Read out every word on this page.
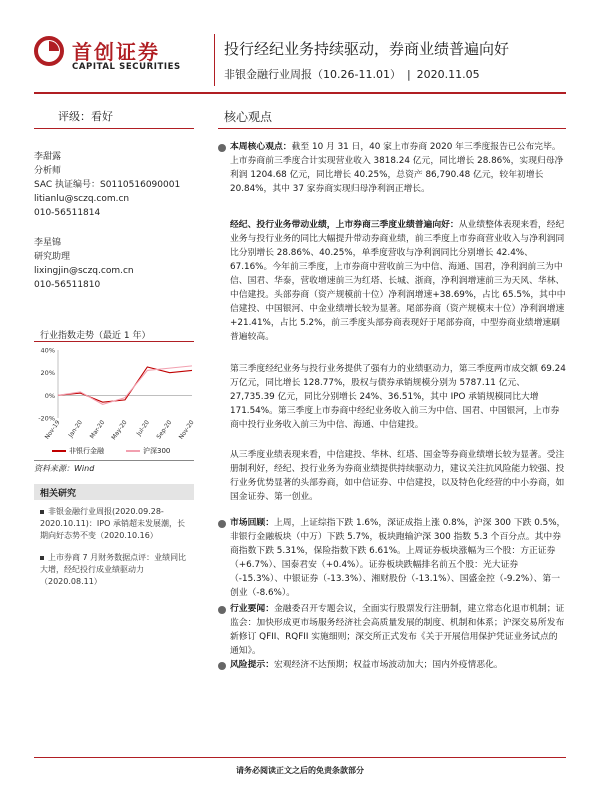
首创证券
CAPITAL SECURITIES
投行经纪业务持续驱动，券商业绩普遍向好
非银金融行业周报（10.26-11.01） | 2020.11.05
评级：看好
李甜露
分析师
SAC 执证编号：S0110516090001
litianlu@sczq.com.cn
010-56511814
李星锦
研究助理
lixingjin@sczq.com.cn
010-56511810
行业指数走势（最近 1 年）
40%
20%
0%
-20%
Nov-19 Jan-20 Mar-20 May-20 Jul-20 Sep-20 Nov-20
非银行金融	沪深300
资料来源：Wind
相关研究
非银金融行业周报(2020.09.28-2020.10.11)：IPO 承销超未发展潮，长期向好态势不变（2020.10.16）
上市券商 7 月财务数据点评：业绩同比大增，经纪投行成业绩驱动力（2020.08.11）
核心观点
本周核心观点：截至 10 月 31 日，40 家上市券商 2020 年三季度报告已公布完毕。上市券商前三季度合计实现营业收入 3818.24 亿元，同比增长 28.86%，实现归母净利润 1204.68 亿元，同比增长 40.25%，总资产 86,790.48 亿元，较年初增长 20.84%，其中 37 家券商实现归母净利润正增长。
经纪、投行业务带动业绩，上市券商三季度业绩普遍向好：从业绩整体表现来看，经纪业务与投行业务的同比大幅提升带动券商业绩，前三季度上市券商营业收入与净利润同比分别增长 28.86%、40.25%，单季度营收与净利润同比分别增长 42.4%、67.16%。今年前三季度，上市券商中营收前三为中信、海通、国君，净利润前三为中信、国君、华泰，营收增速前三为红塔、长城、浙商，净利润增速前三为天风、华林、中信建投。头部券商（资产规模前十位）净利润增速+38.69%，占比 65.5%，其中中信建投、中国银河、中金业绩增长较为显著。尾部券商（资产规模末十位）净利润增速+21.41%，占比 5.2%，前三季度头部券商表现好于尾部券商，中型券商业绩增速刷普遍较高。
第三季度经纪业务与投行业务提供了强有力的业绩驱动力，第三季度两市成交额 69.24 万亿元，同比增长 128.77%，股权与债券承销规模分别为 5787.11 亿元、27,735.39 亿元，同比分别增长 24%、36.51%，其中 IPO 承销规模同比大增 171.54%。第三季度上市券商中经纪业务收入前三为中信、国君、中国银河，上市券商中投行业务收入前三为中信、海通、中信建投。
从三季度业绩表现来看，中信建投、华林、红塔、国金等券商业绩增长较为显著。受注册制利好，经纪、投行业务为券商业绩提供持续驱动力，建议关注抗风险能力较强、投行业务优势显著的头部券商，如中信证券、中信建投，以及特色化经营的中小券商，如国金证券、第一创业。
市场回顾：上周，上证综指下跌 1.6%，深证成指上涨 0.8%，沪深 300 下跌 0.5%，非银行金融板块（中万）下跌 5.7%，板块跑输沪深 300 指数 5.3 个百分点。其中券商指数下跌 5.31%，保险指数下跌 6.61%。上周证券板块涨幅为三个股：方正证券（+6.7%）、国泰君安（+0.4%）。证券板块跌幅排名前五个股：光大证券（-15.3%）、中银证券（-13.3%）、湘财股份（-13.1%）、国盛金控（-9.2%）、第一创业（-8.6%）。
行业要闻：金融委召开专题会议，全面实行股票发行注册制，建立常态化退市机制；证监会：加快形成更市场服务经济社会高质量发展的制度、机制和体系；沪深交易所发布新修订 QFII、RQFII 实施细则；深交所正式发布《关于开展信用保护凭证业务试点的通知》。
风险提示：宏观经济不达预期；权益市场波动加大；国内外疫情恶化。
请务必阅读正文之后的免责条款部分
